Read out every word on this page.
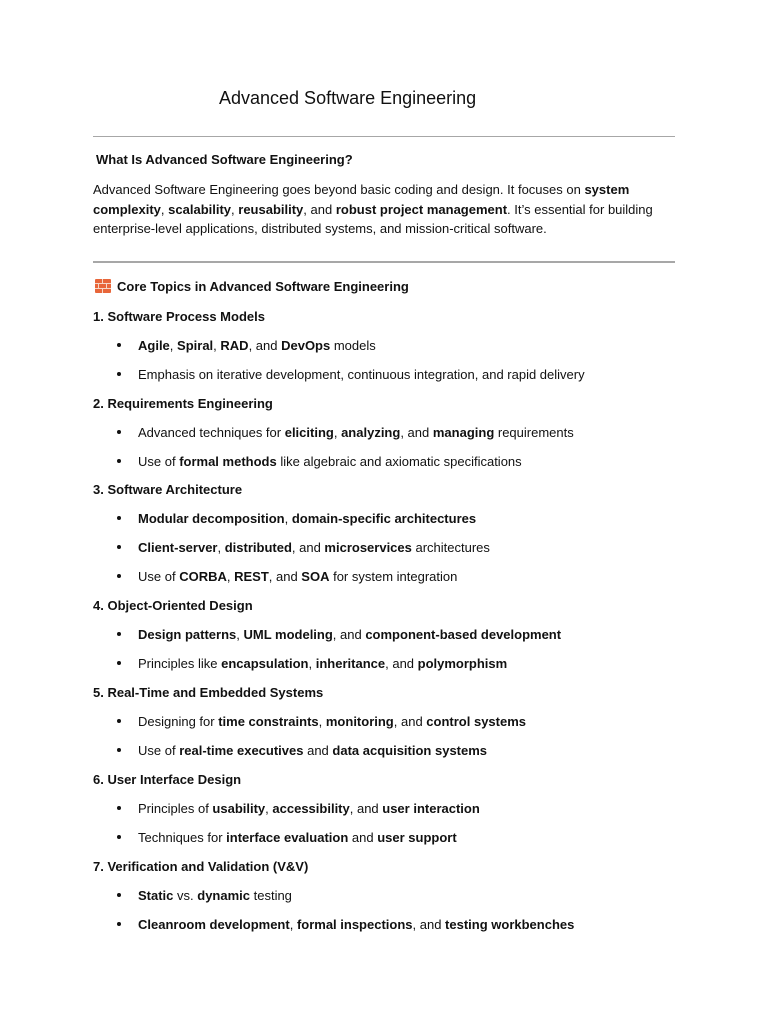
Advanced Software Engineering
What Is Advanced Software Engineering?
Advanced Software Engineering goes beyond basic coding and design. It focuses on system complexity, scalability, reusability, and robust project management. It’s essential for building enterprise-level applications, distributed systems, and mission-critical software.
Core Topics in Advanced Software Engineering
1. Software Process Models
Agile, Spiral, RAD, and DevOps models
Emphasis on iterative development, continuous integration, and rapid delivery
2. Requirements Engineering
Advanced techniques for eliciting, analyzing, and managing requirements
Use of formal methods like algebraic and axiomatic specifications
3. Software Architecture
Modular decomposition, domain-specific architectures
Client-server, distributed, and microservices architectures
Use of CORBA, REST, and SOA for system integration
4. Object-Oriented Design
Design patterns, UML modeling, and component-based development
Principles like encapsulation, inheritance, and polymorphism
5. Real-Time and Embedded Systems
Designing for time constraints, monitoring, and control systems
Use of real-time executives and data acquisition systems
6. User Interface Design
Principles of usability, accessibility, and user interaction
Techniques for interface evaluation and user support
7. Verification and Validation (V&V)
Static vs. dynamic testing
Cleanroom development, formal inspections, and testing workbenches
